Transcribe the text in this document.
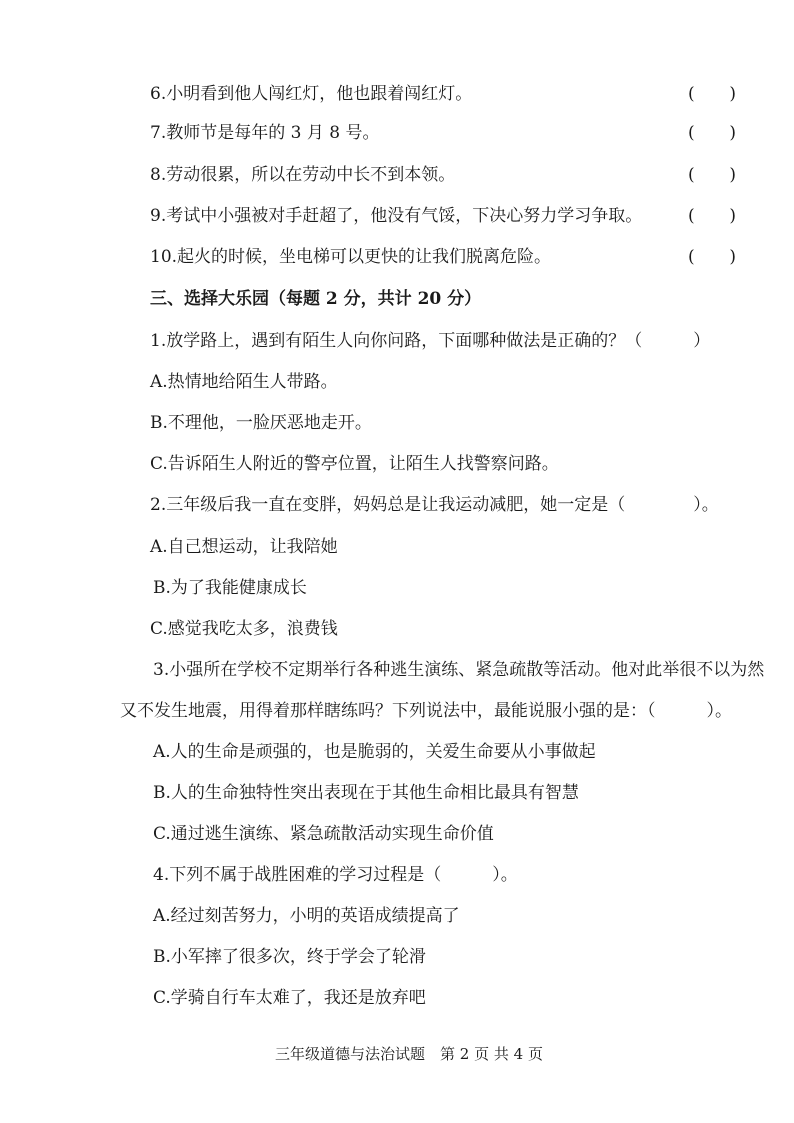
6.小明看到他人闯红灯，他也跟着闯红灯。	( )
7.教师节是每年的 3 月 8 号。	( )
8.劳动很累，所以在劳动中长不到本领。	( )
9.考试中小强被对手赶超了，他没有气馁，下决心努力学习争取。	( )
10.起火的时候，坐电梯可以更快的让我们脱离危险。	( )
三、选择大乐园（每题 2 分，共计 20 分）
1.放学路上，遇到有陌生人向你问路，下面哪种做法是正确的？（　　　）
A.热情地给陌生人带路。
B.不理他，一脸厌恶地走开。
C.告诉陌生人附近的警亭位置，让陌生人找警察问路。
2.三年级后我一直在变胖，妈妈总是让我运动减肥，她一定是（　　　　）。
A.自己想运动，让我陪她
B.为了我能健康成长
C.感觉我吃太多，浪费钱
3.小强所在学校不定期举行各种逃生演练、紧急疏散等活动。他对此举很不以为然
又不发生地震，用得着那样瞎练吗？下列说法中，最能说服小强的是：（　　　）。
A.人的生命是顽强的，也是脆弱的，关爱生命要从小事做起
B.人的生命独特性突出表现在于其他生命相比最具有智慧
C.通过逃生演练、紧急疏散活动实现生命价值
4.下列不属于战胜困难的学习过程是（　　　）。
A.经过刻苦努力，小明的英语成绩提高了
B.小军摔了很多次，终于学会了轮滑
C.学骑自行车太难了，我还是放弃吧
三年级道德与法治试题　第 2 页 共 4 页
